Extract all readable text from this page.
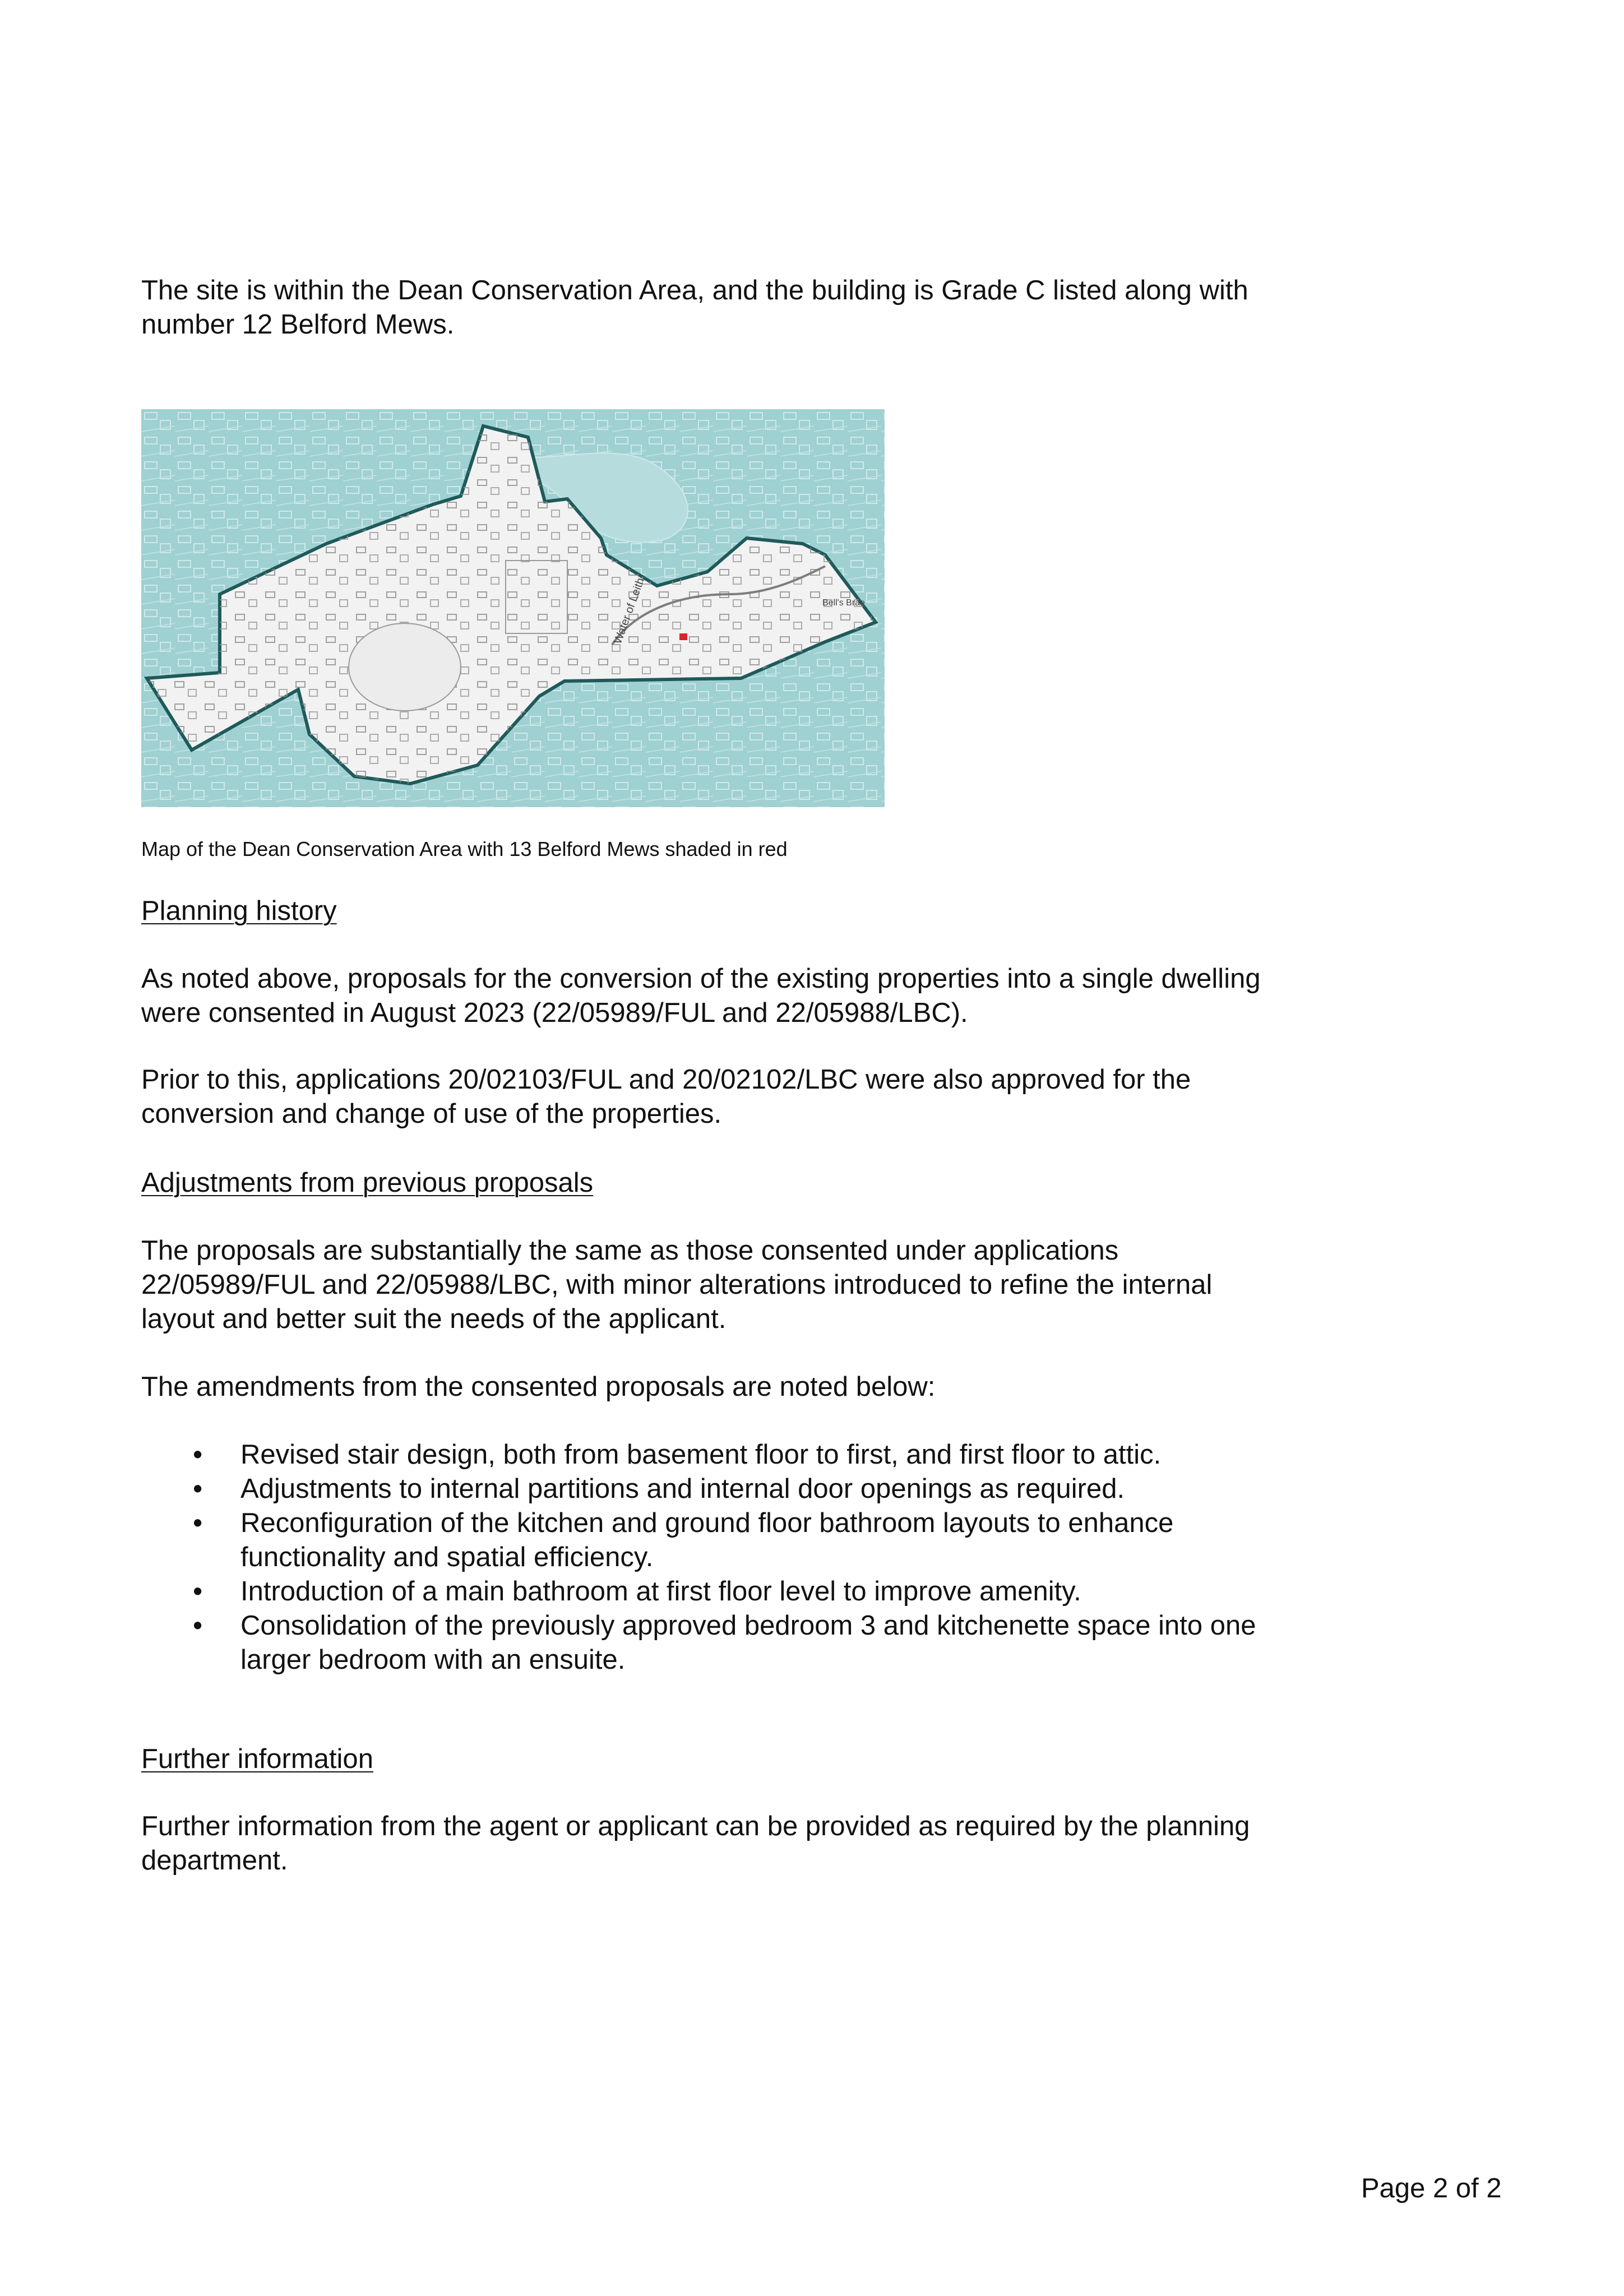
The site is within the Dean Conservation Area, and the building is Grade C listed along with number 12 Belford Mews.

Water of Leith	Bell's Brae

Map of the Dean Conservation Area with 13 Belford Mews shaded in red

Planning history

As noted above, proposals for the conversion of the existing properties into a single dwelling were consented in August 2023 (22/05989/FUL and 22/05988/LBC).

Prior to this, applications 20/02103/FUL and 20/02102/LBC were also approved for the conversion and change of use of the properties.

Adjustments from previous proposals

The proposals are substantially the same as those consented under applications 22/05989/FUL and 22/05988/LBC, with minor alterations introduced to refine the internal layout and better suit the needs of the applicant.

The amendments from the consented proposals are noted below:

• Revised stair design, both from basement floor to first, and first floor to attic.
• Adjustments to internal partitions and internal door openings as required.
• Reconfiguration of the kitchen and ground floor bathroom layouts to enhance functionality and spatial efficiency.
• Introduction of a main bathroom at first floor level to improve amenity.
• Consolidation of the previously approved bedroom 3 and kitchenette space into one larger bedroom with an ensuite.

Further information

Further information from the agent or applicant can be provided as required by the planning department.

Page 2 of 2
